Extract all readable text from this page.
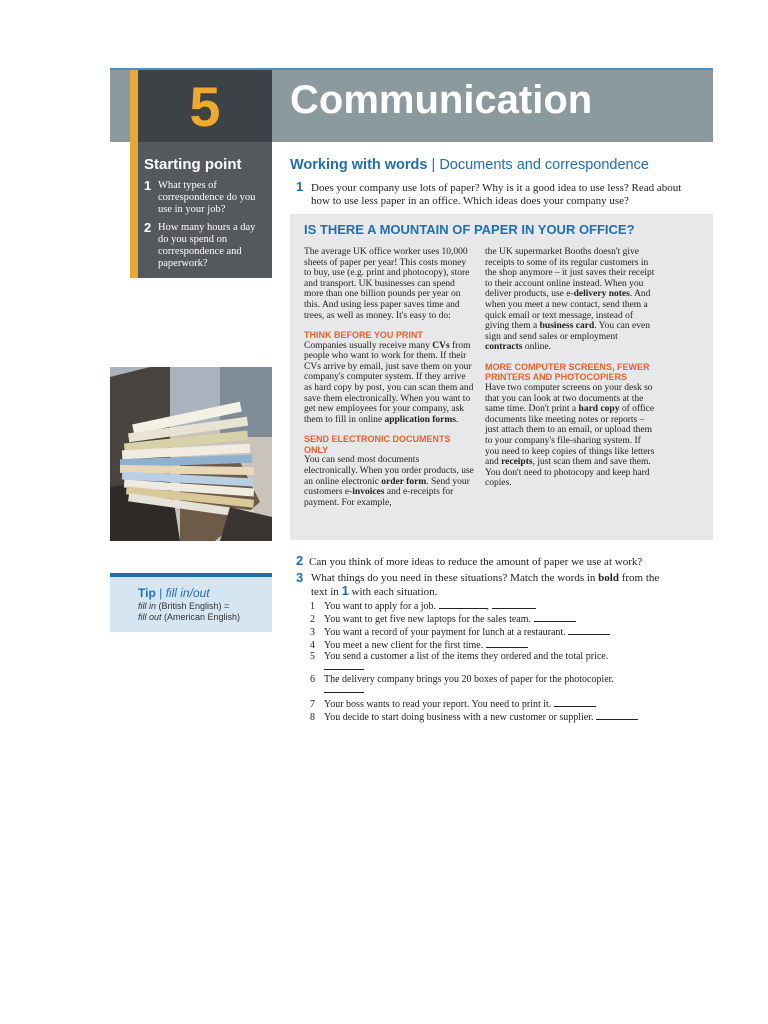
5	Communication
Starting point
1 What types of correspondence do you use in your job?
2 How many hours a day do you spend on correspondence and paperwork?
Working with words | Documents and correspondence
1 Does your company use lots of paper? Why is it a good idea to use less? Read about how to use less paper in an office. Which ideas does your company use?
IS THERE A MOUNTAIN OF PAPER IN YOUR OFFICE?

The average UK office worker uses 10,000 sheets of paper per year! This costs money to buy, use (e.g. print and photocopy), store and transport. UK businesses can spend more than one billion pounds per year on this. And using less paper saves time and trees, as well as money. It's easy to do:

THINK BEFORE YOU PRINT

Companies usually receive many CVs from people who want to work for them. If their CVs arrive by email, just save them on your company's computer system. If they arrive as hard copy by post, you can scan them and save them electronically. When you want to get new employees for your company, ask them to fill in online application forms.

SEND ELECTRONIC DOCUMENTS ONLY

You can send most documents electronically. When you order products, use an online electronic order form. Send your customers e-invoices and e-receipts for payment. For example,

the UK supermarket Booths doesn't give receipts to some of its regular customers in the shop anymore – it just saves their receipt to their account online instead. When you deliver products, use e-delivery notes. And when you meet a new contact, send them a quick email or text message, instead of giving them a business card. You can even sign and send sales or employment contracts online.

MORE COMPUTER SCREENS, FEWER PRINTERS AND PHOTOCOPIERS

Have two computer screens on your desk so that you can look at two documents at the same time. Don't print a hard copy of office documents like meeting notes or reports – just attach them to an email, or upload them to your company's file-sharing system. If you need to keep copies of things like letters and receipts, just scan them and save them. You don't need to photocopy and keep hard copies.

Tip | fill in/out
fill in (British English) =
fill out (American English)
2 Can you think of more ideas to reduce the amount of paper we use at work?
3 What things do you need in these situations? Match the words in bold from the text in 1 with each situation.
1 You want to apply for a job.	,
2 You want to get five new laptops for the sales team.
3 You want a record of your payment for lunch at a restaurant.
4 You meet a new client for the first time.
5 You send a customer a list of the items they ordered and the total price.
6 The delivery company brings you 20 boxes of paper for the photocopier.
7 Your boss wants to read your report. You need to print it.
8 You decide to start doing business with a new customer or supplier.
